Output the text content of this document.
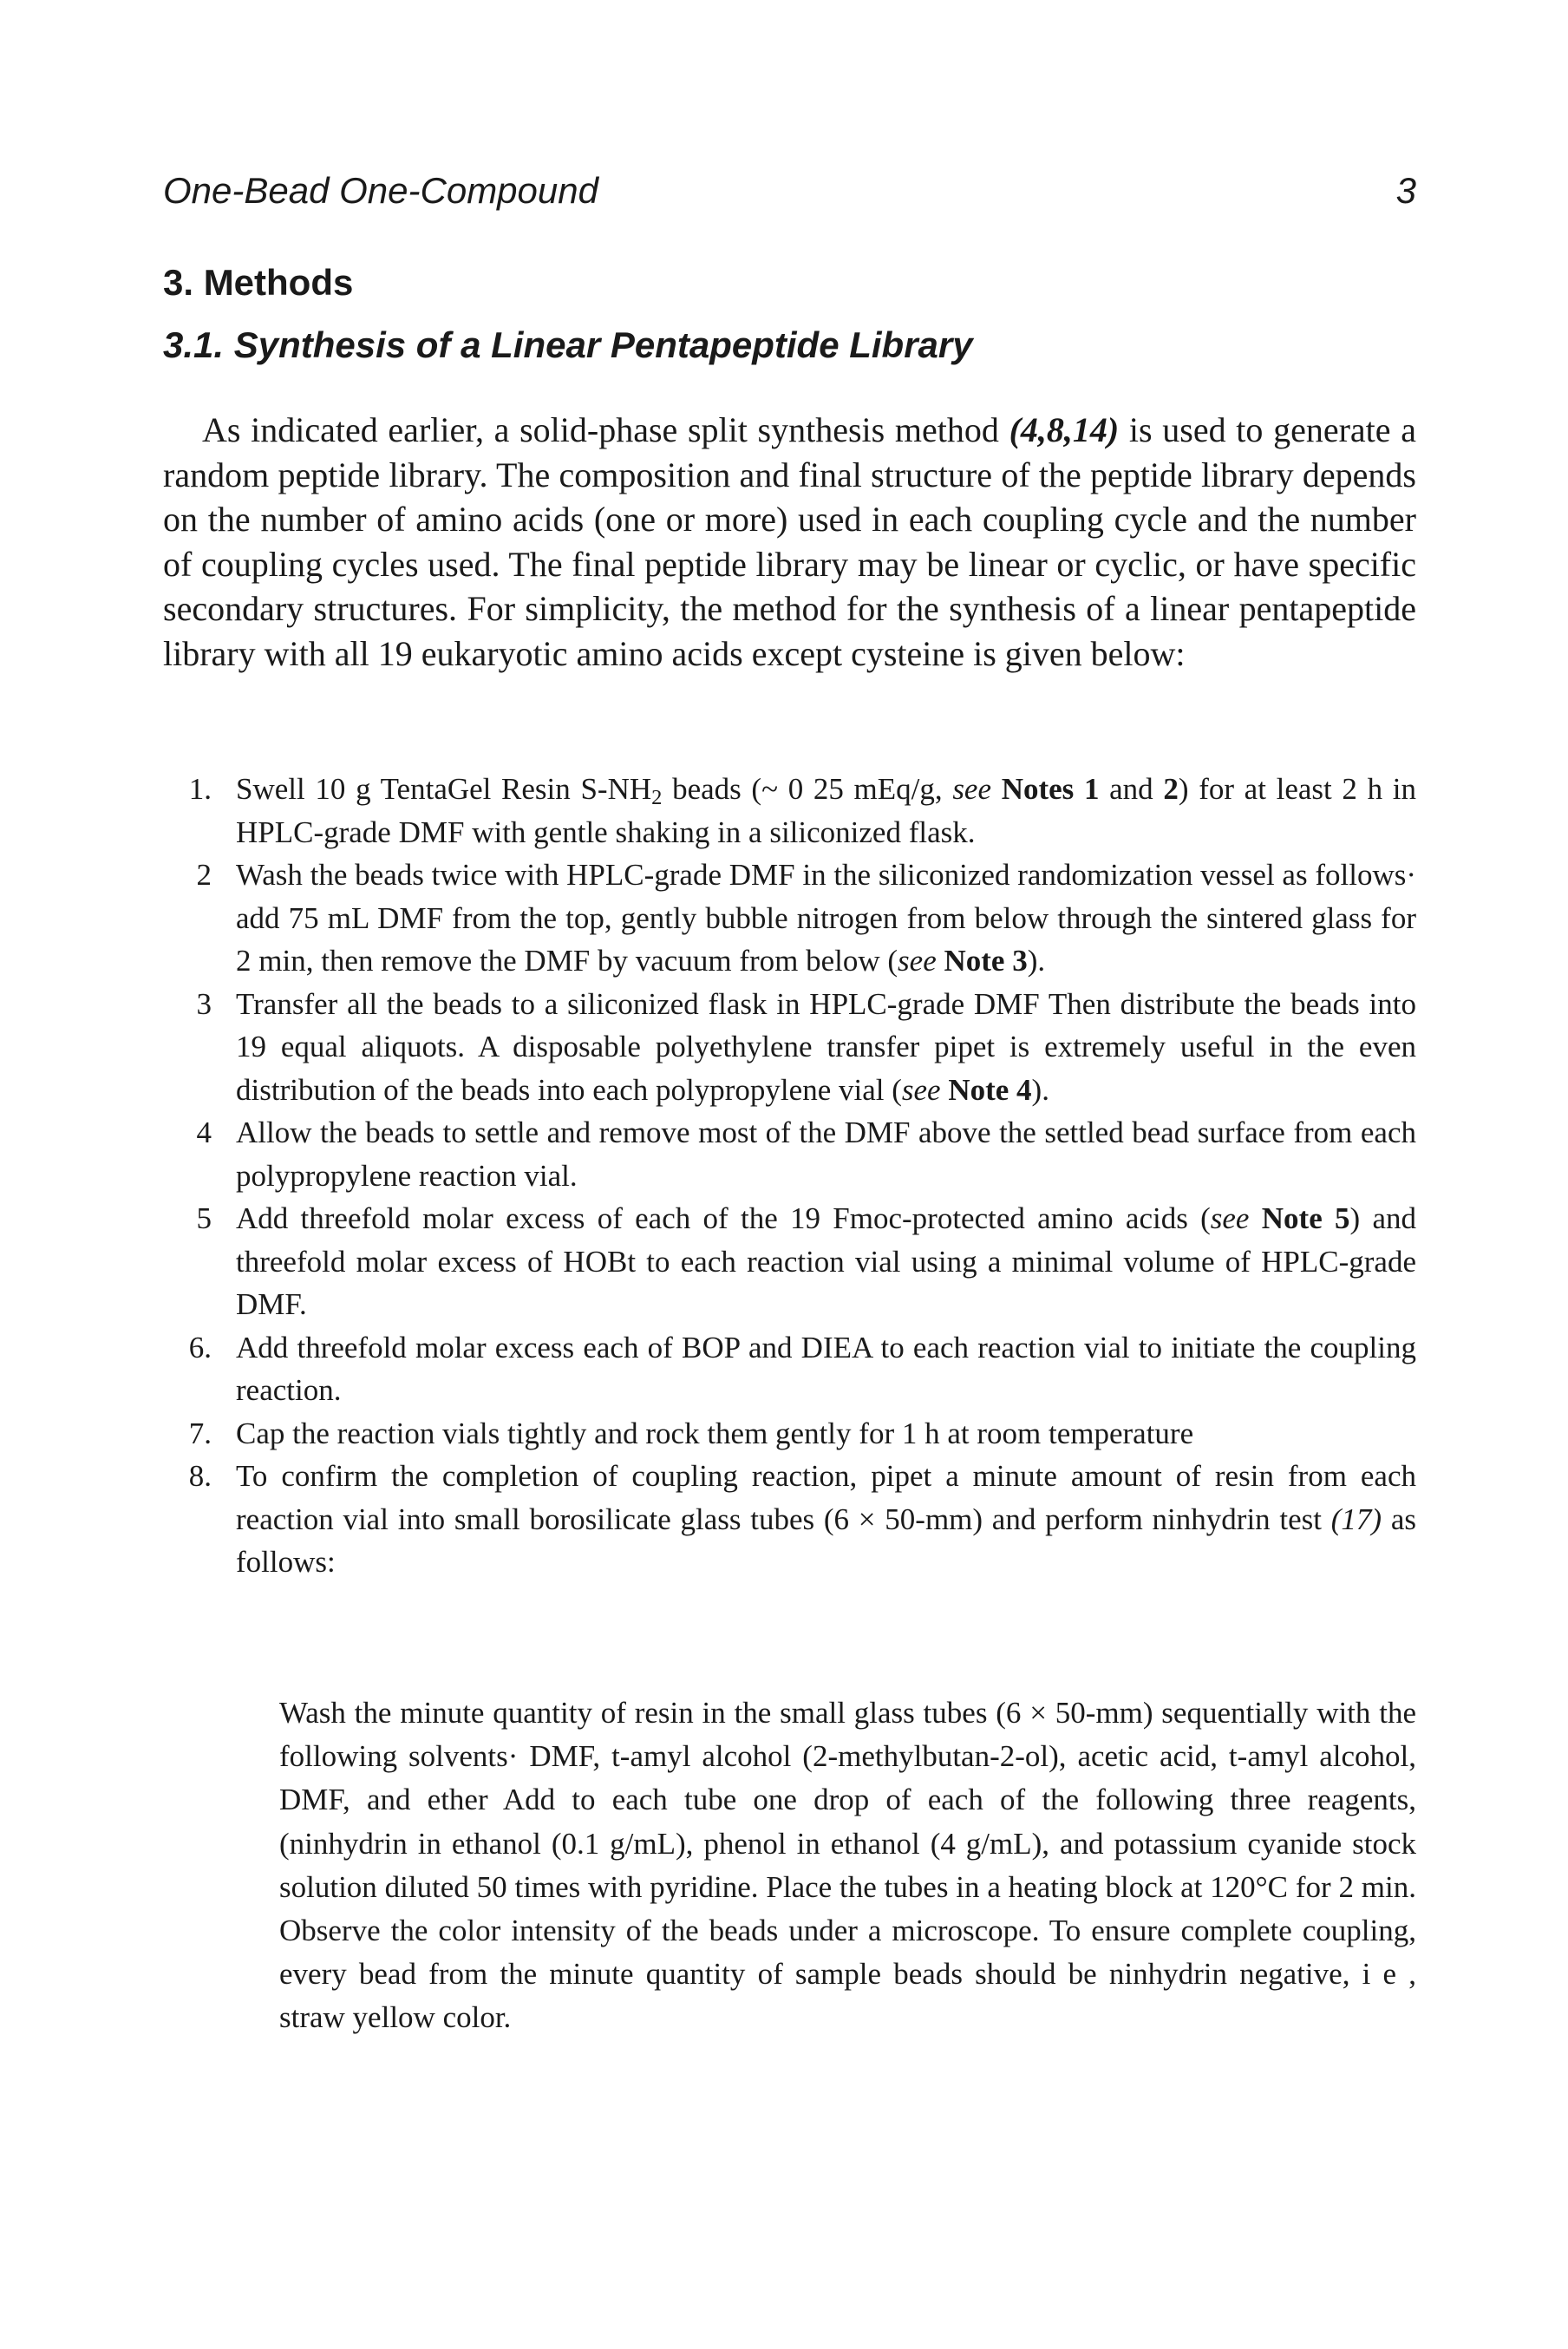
One-Bead One-Compound	3
3. Methods
3.1. Synthesis of a Linear Pentapeptide Library

As indicated earlier, a solid-phase split synthesis method (4,8,14) is used to generate a random peptide library. The composition and final structure of the peptide library depends on the number of amino acids (one or more) used in each coupling cycle and the number of coupling cycles used. The final peptide library may be linear or cyclic, or have specific secondary structures. For simplicity, the method for the synthesis of a linear pentapeptide library with all 19 eukaryotic amino acids except cysteine is given below:

1. Swell 10 g TentaGel Resin $S-NH_2$ beads (~ 0 25 mEq/g, see Notes 1 and 2) for at least 2 h in HPLC-grade DMF with gentle shaking in a siliconized flask.
2 Wash the beads twice with HPLC-grade DMF in the siliconized randomization vessel as follows· add 75 mL DMF from the top, gently bubble nitrogen from below through the sintered glass for 2 min, then remove the DMF by vacuum from below (see Note 3).
3 Transfer all the beads to a siliconized flask in HPLC-grade DMF Then distribute the beads into 19 equal aliquots. A disposable polyethylene transfer pipet is extremely useful in the even distribution of the beads into each polypropylene vial (see Note 4).
4 Allow the beads to settle and remove most of the DMF above the settled bead surface from each polypropylene reaction vial.
5 Add threefold molar excess of each of the 19 Fmoc-protected amino acids (see Note 5) and threefold molar excess of HOBt to each reaction vial using a minimal volume of HPLC-grade DMF.
6. Add threefold molar excess each of BOP and DIEA to each reaction vial to initiate the coupling reaction.
7. Cap the reaction vials tightly and rock them gently for 1 h at room temperature
8. To confirm the completion of coupling reaction, pipet a minute amount of resin from each reaction vial into small borosilicate glass tubes (6 × 50-mm) and perform ninhydrin test (17) as follows:

Wash the minute quantity of resin in the small glass tubes (6 × 50-mm) sequentially with the following solvents· DMF, t-amyl alcohol (2-methylbutan-2-ol), acetic acid, t-amyl alcohol, DMF, and ether Add to each tube one drop of each of the following three reagents, (ninhydrin in ethanol (0.1 g/mL), phenol in ethanol (4 g/mL), and potassium cyanide stock solution diluted 50 times with pyridine. Place the tubes in a heating block at 120°C for 2 min. Observe the color intensity of the beads under a microscope. To ensure complete coupling, every bead from the minute quantity of sample beads should be ninhydrin negative, i e , straw yellow color.
